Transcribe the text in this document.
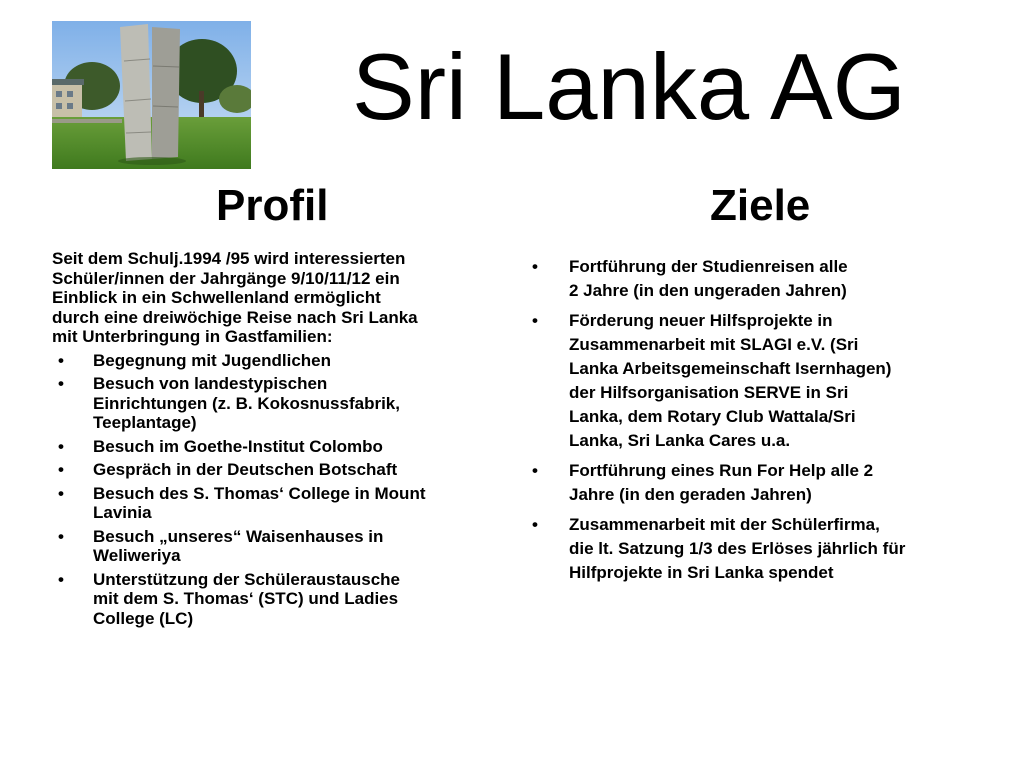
Sri Lanka AG
Profil	Ziele

Seit dem Schulj.1994 /95 wird interessierten
Schüler/innen der Jahrgänge 9/10/11/12 ein
Einblick in ein Schwellenland ermöglicht
durch eine dreiwöchige Reise nach Sri Lanka
mit Unterbringung in Gastfamilien:

• Begegnung mit Jugendlichen
• Besuch von landestypischen
Einrichtungen (z. B. Kokosnussfabrik,
Teeplantage)
• Besuch im Goethe-Institut Colombo
• Gespräch in der Deutschen Botschaft
• Besuch des S. Thomas‘ College in Mount
Lavinia
• Besuch „unseres“ Waisenhauses in
Weliweriya
• Unterstützung der Schüleraustausche
mit dem S. Thomas‘ (STC) und Ladies
College (LC)
• Fortführung der Studienreisen alle
2 Jahre (in den ungeraden Jahren)
• Förderung neuer Hilfsprojekte in
Zusammenarbeit mit SLAGI e.V. (Sri
Lanka Arbeitsgemeinschaft Isernhagen)
der Hilfsorganisation SERVE in Sri
Lanka, dem Rotary Club Wattala/Sri
Lanka, Sri Lanka Cares u.a.
• Fortführung eines Run For Help alle 2
Jahre (in den geraden Jahren)
• Zusammenarbeit mit der Schülerfirma,
die lt. Satzung 1/3 des Erlöses jährlich für
Hilfprojekte in Sri Lanka spendet
